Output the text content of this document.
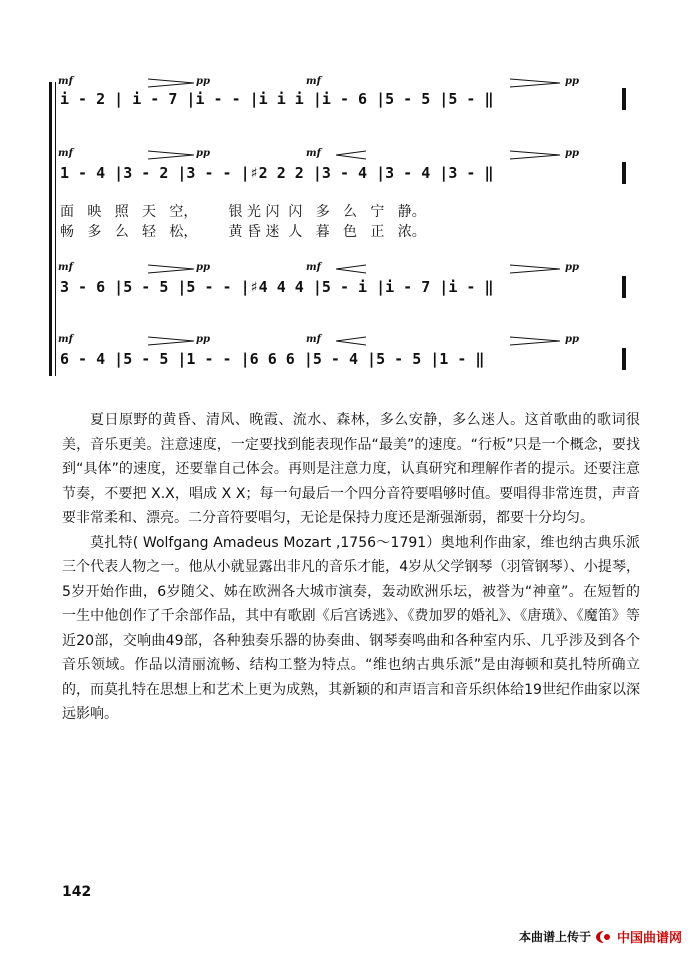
mf	pp	mf	pp
i - 2 | i - 7 |i - - |i i i |i - 6 |5 - 5 |5 - ‖
mf	pp	mf	pp
1 - 4 |3 - 2 |3 - - |♯2 2 2 |3 - 4 |3 - 4 |3 - ‖
面   映   照   天   空，       银 光 闪  闪   多   么   宁   静。
畅   多   么   轻   松，       黄 昏 迷  人   暮   色   正   浓。
mf	pp	mf	pp
3 - 6 |5 - 5 |5 - - |♯4 4 4 |5 - i |i - 7 |i - ‖
mf	pp	mf	pp
6 - 4 |5 - 5 |1 - - |6 6 6 |5 - 4 |5 - 5 |1 - ‖

夏日原野的黄昏、清风、晚霞、流水、森林，多么安静，多么迷人。这首歌曲的歌词很美，音乐更美。注意速度，一定要找到能表现作品“最美”的速度。“行板”只是一个概念，要找到“具体”的速度，还要靠自己体会。再则是注意力度，认真研究和理解作者的提示。还要注意节奏，不要把 X.X，唱成 X X；每一句最后一个四分音符要唱够时值。要唱得非常连贯，声音要非常柔和、漂亮。二分音符要唱匀，无论是保持力度还是渐强渐弱，都要十分均匀。

莫扎特( Wolfgang Amadeus Mozart ,1756～1791）奥地利作曲家，维也纳古典乐派三个代表人物之一。他从小就显露出非凡的音乐才能，4岁从父学钢琴（羽管钢琴）、小提琴，5岁开始作曲，6岁随父、姊在欧洲各大城市演奏，轰动欧洲乐坛，被誉为“神童”。在短暂的一生中他创作了千余部作品，其中有歌剧《后宫诱逃》、《费加罗的婚礼》、《唐璜》、《魔笛》等近20部，交响曲49部，各种独奏乐器的协奏曲、钢琴奏鸣曲和各种室内乐、几乎涉及到各个音乐领域。作品以清丽流畅、结构工整为特点。“维也纳古典乐派”是由海顿和莫扎特所确立的，而莫扎特在思想上和艺术上更为成熟，其新颖的和声语言和音乐织体给19世纪作曲家以深远影响。

142
本曲谱上传于 中国曲谱网
